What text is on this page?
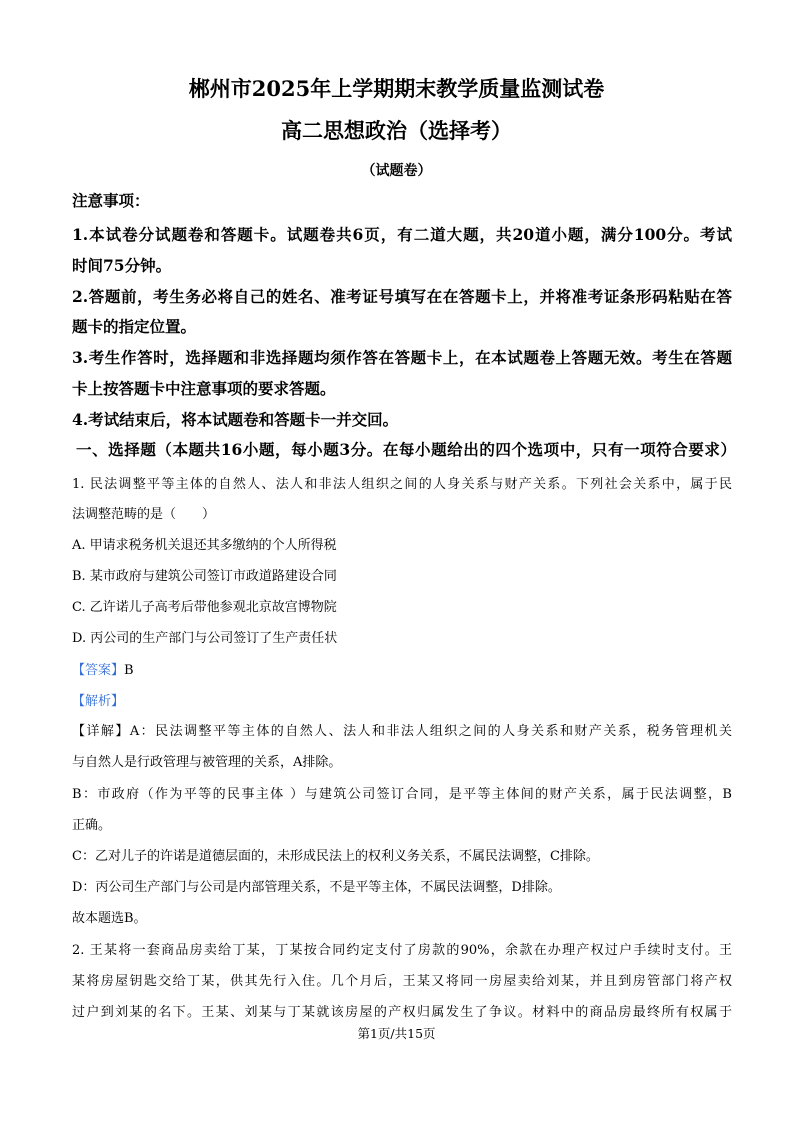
郴州市2025年上学期期末教学质量监测试卷
高二思想政治（选择考）
（试题卷）
注意事项：
1.本试卷分试题卷和答题卡。试题卷共6页，有二道大题，共20道小题，满分100分。考试
时间75分钟。
2.答题前，考生务必将自己的姓名、准考证号填写在在答题卡上，并将准考证条形码粘贴在答
题卡的指定位置。
3.考生作答时，选择题和非选择题均须作答在答题卡上，在本试题卷上答题无效。考生在答题
卡上按答题卡中注意事项的要求答题。
4.考试结束后，将本试题卷和答题卡一并交回。
一、选择题（本题共16小题，每小题3分。在每小题给出的四个选项中，只有一项符合要求）
1. 民法调整平等主体的自然人、法人和非法人组织之间的人身关系与财产关系。下列社会关系中，属于民
法调整范畴的是（　　）
A. 甲请求税务机关退还其多缴纳的个人所得税
B. 某市政府与建筑公司签订市政道路建设合同
C. 乙许诺儿子高考后带他参观北京故宫博物院
D. 丙公司的生产部门与公司签订了生产责任状
【答案】B
【解析】
【详解】A：民法调整平等主体的自然人、法人和非法人组织之间的人身关系和财产关系，税务管理机关
与自然人是行政管理与被管理的关系，A排除。
B：市政府（作为平等的民事主体 ）与建筑公司签订合同，是平等主体间的财产关系，属于民法调整，B
正确。
C：乙对儿子的许诺是道德层面的，未形成民法上的权利义务关系，不属民法调整，C排除。
D：丙公司生产部门与公司是内部管理关系，不是平等主体，不属民法调整，D排除。
故本题选B。
2. 王某将一套商品房卖给丁某，丁某按合同约定支付了房款的90%，余款在办理产权过户手续时支付。王
某将房屋钥匙交给丁某，供其先行入住。几个月后，王某又将同一房屋卖给刘某，并且到房管部门将产权
过户到刘某的名下。王某、刘某与丁某就该房屋的产权归属发生了争议。材料中的商品房最终所有权属于
第1页/共15页
